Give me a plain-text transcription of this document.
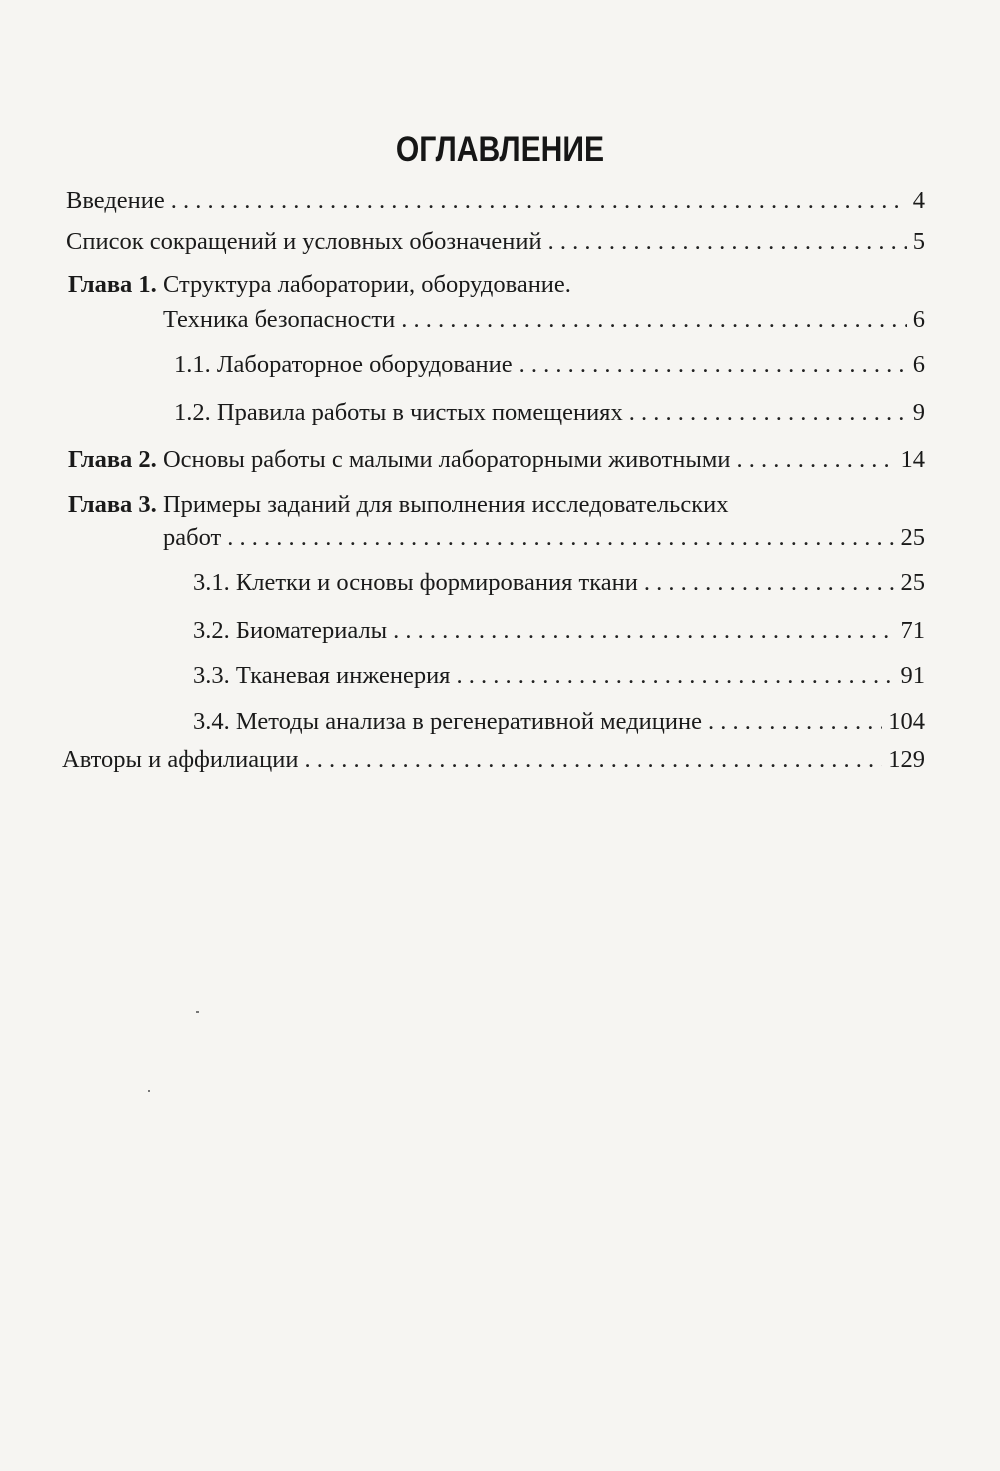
ОГЛАВЛЕНИЕ
Введение . . .	4
Список сокращений и условных обозначений . . .	5
Глава 1. Структура лаборатории, оборудование.
Техника безопасности . . .	6
1.1. Лабораторное оборудование . . .	6
1.2. Правила работы в чистых помещениях . . .	9
Глава 2. Основы работы с малыми лабораторными животными . . .	14
Глава 3. Примеры заданий для выполнения исследовательских
работ . . .	25
3.1. Клетки и основы формирования ткани . . .	25
3.2. Биоматериалы . . .	71
3.3. Тканевая инженерия . . .	91
3.4. Методы анализа в регенеративной медицине . . .	104
Авторы и аффилиации . . .	129
